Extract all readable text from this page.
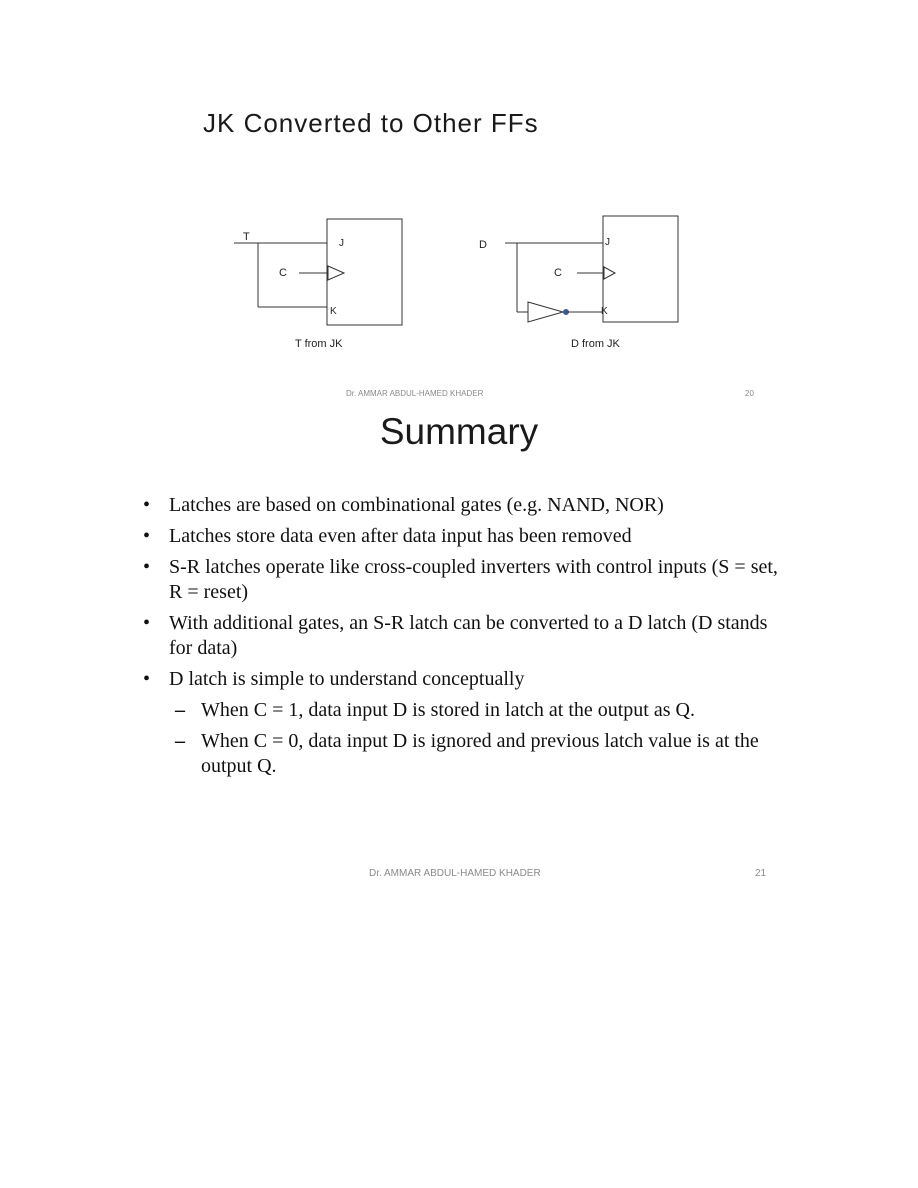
JK Converted to Other FFs
T
C
J
K
T from JK
D
C
J
K
D from JK
Dr. AMMAR ABDUL-HAMED KHADER	20
Summary
• Latches are based on combinational gates (e.g. NAND, NOR)
• Latches store data even after data input has been removed
• S-R latches operate like cross-coupled inverters with control inputs (S = set, R = reset)
• With additional gates, an S-R latch can be converted to a D latch (D stands for data)
• D latch is simple to understand conceptually
– When C = 1, data input D is stored in latch at the output as Q.
– When C = 0, data input D is ignored and previous latch value is at the output Q.
Dr. AMMAR ABDUL-HAMED KHADER	21
